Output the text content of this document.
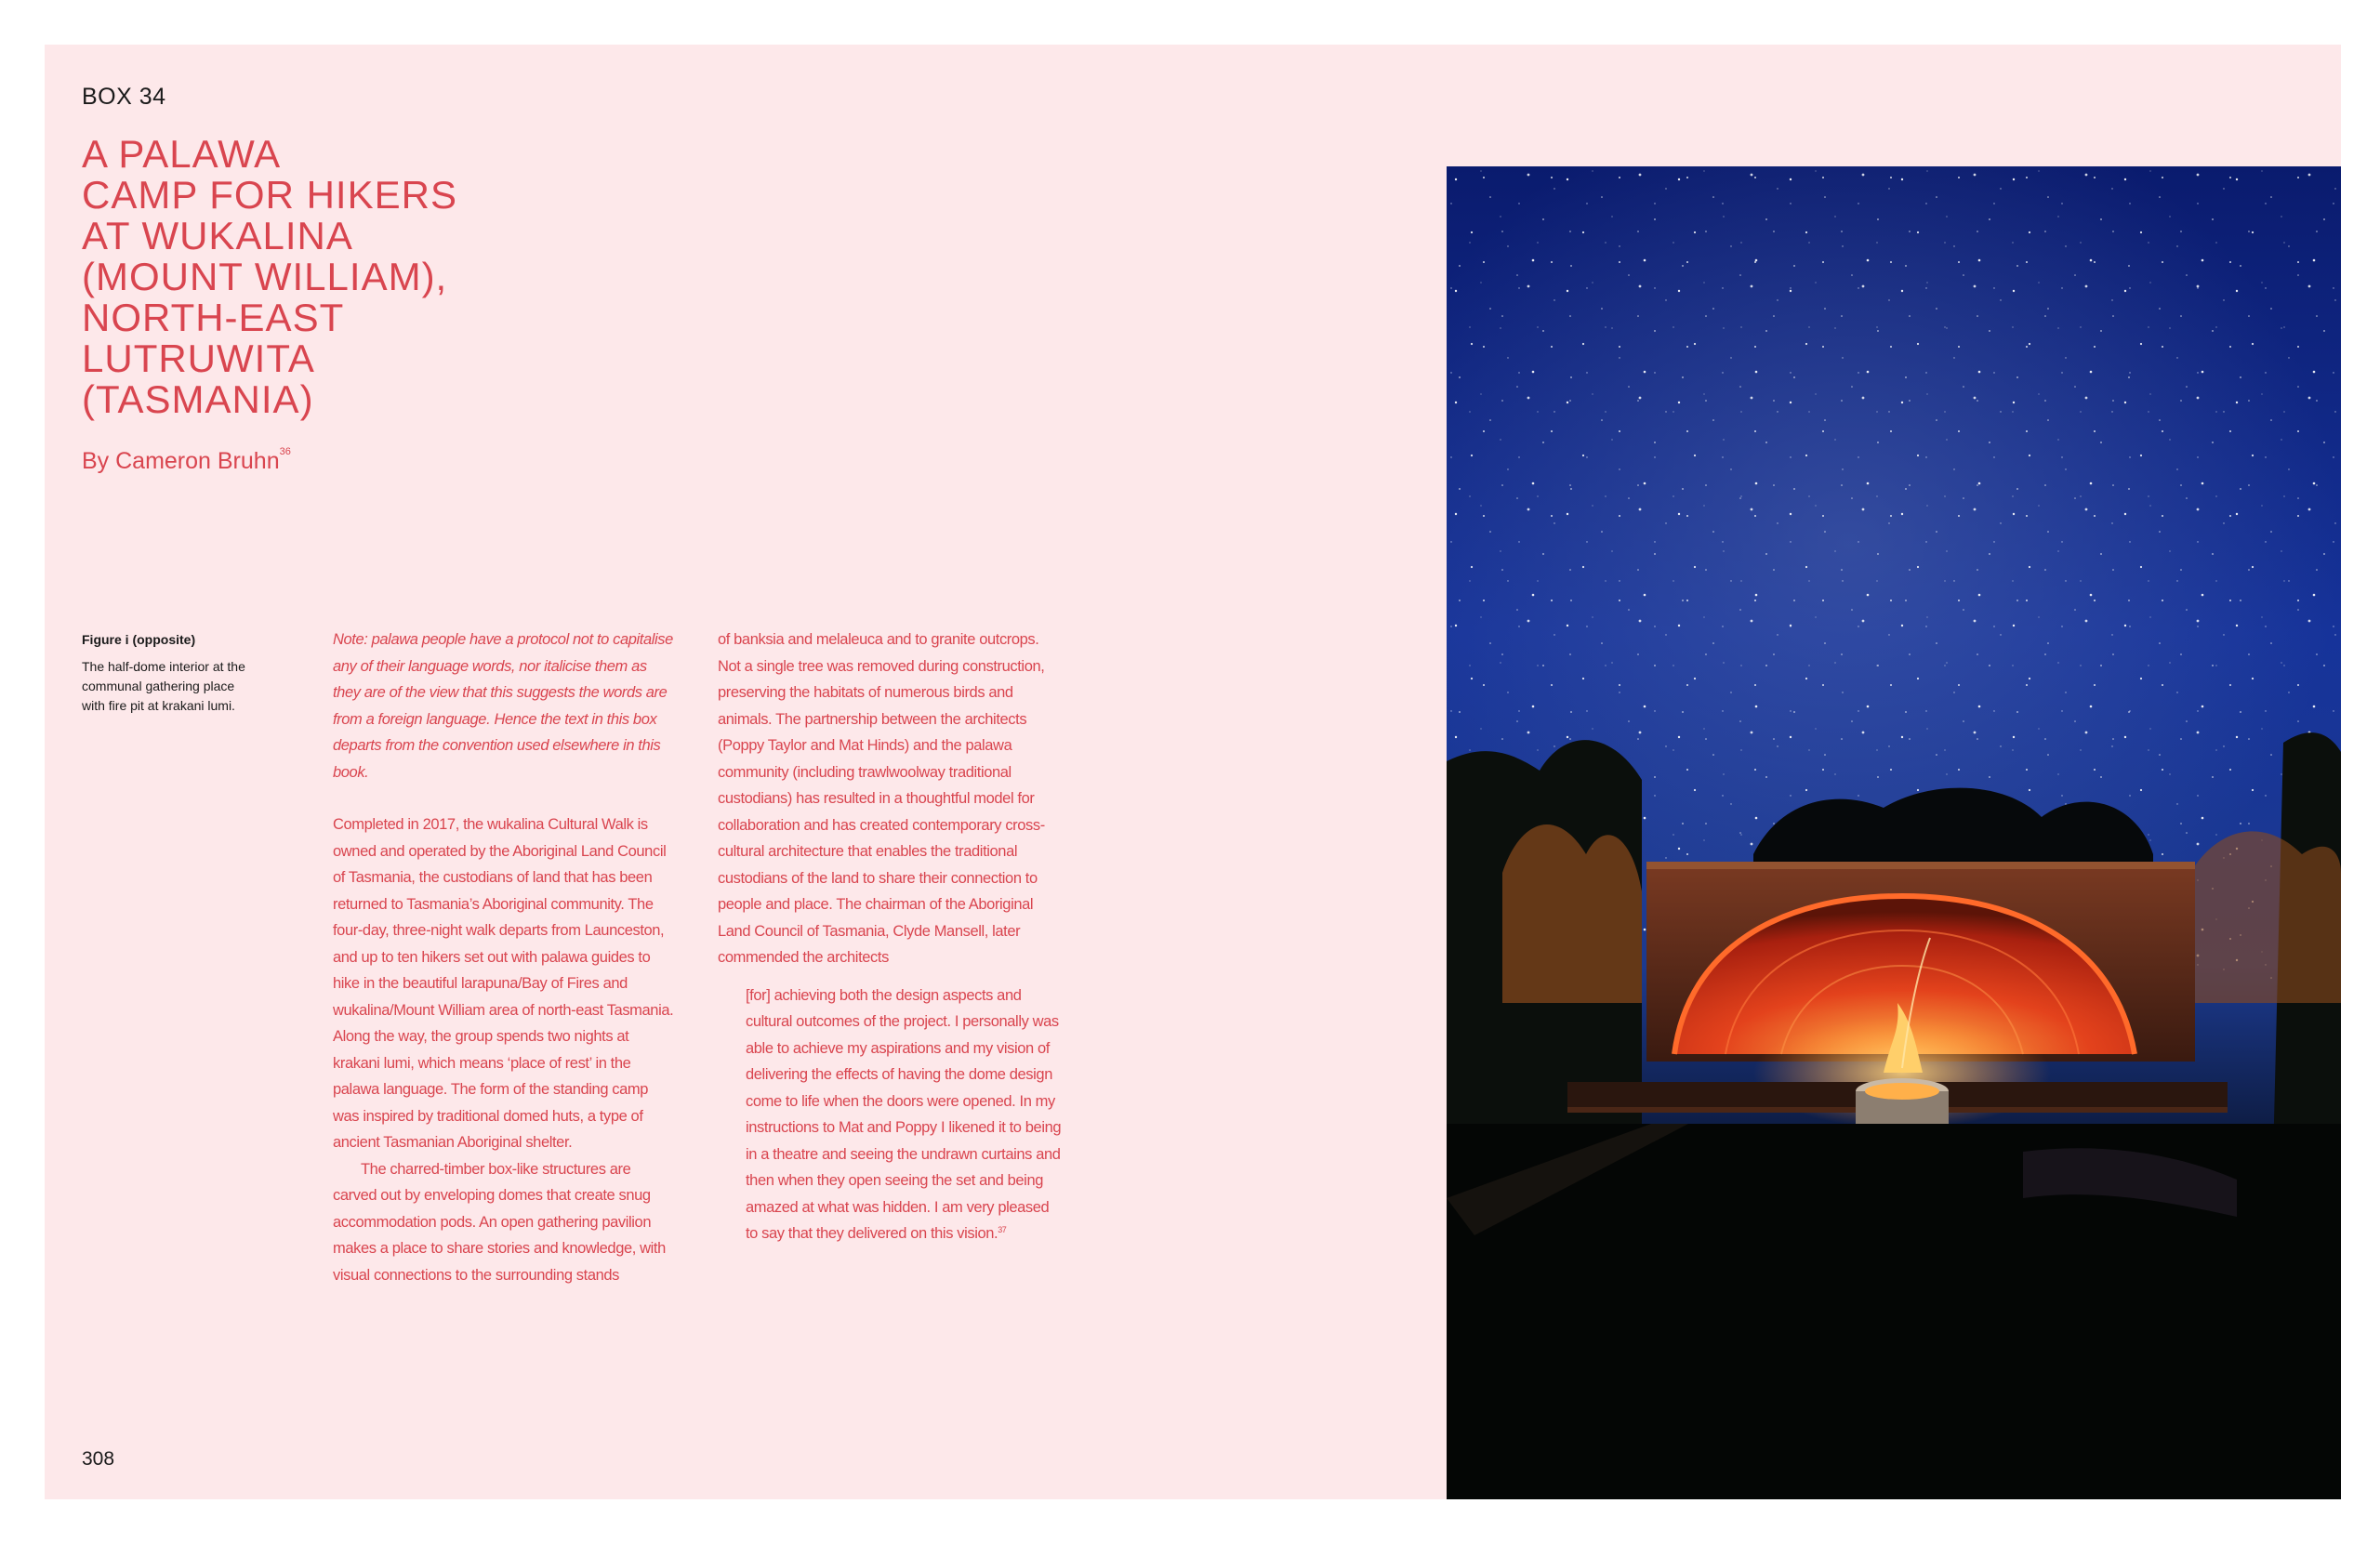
BOX 34
A PALAWA
CAMP FOR HIKERS
AT WUKALINA
(MOUNT WILLIAM),
NORTH-EAST
LUTRUWITA
(TASMANIA)
By Cameron Bruhn$^{36}$
Figure i (opposite)
The half-dome interior at the communal gathering place with fire pit at krakani lumi.

Note: palawa people have a protocol not to capitalise any of their language words, nor italicise them as they are of the view that this suggests the words are from a foreign language. Hence the text in this box departs from the convention used elsewhere in this book.

Completed in 2017, the wukalina Cultural Walk is owned and operated by the Aboriginal Land Council of Tasmania, the custodians of land that has been returned to Tasmania’s Aboriginal community. The four-day, three-night walk departs from Launceston, and up to ten hikers set out with palawa guides to hike in the beautiful larapuna/Bay of Fires and wukalina/Mount William area of north-east Tasmania. Along the way, the group spends two nights at krakani lumi, which means ‘place of rest’ in the palawa language. The form of the standing camp was inspired by traditional domed huts, a type of ancient Tasmanian Aboriginal shelter.

The charred-timber box-like structures are carved out by enveloping domes that create snug accommodation pods. An open gathering pavilion makes a place to share stories and knowledge, with visual connections to the surrounding stands

of banksia and melaleuca and to granite outcrops. Not a single tree was removed during construction, preserving the habitats of numerous birds and animals. The partnership between the architects (Poppy Taylor and Mat Hinds) and the palawa community (including trawlwoolway traditional custodians) has resulted in a thoughtful model for collaboration and has created contemporary cross-cultural architecture that enables the traditional custodians of the land to share their connection to people and place. The chairman of the Aboriginal Land Council of Tasmania, Clyde Mansell, later commended the architects

[for] achieving both the design aspects and cultural outcomes of the project. I personally was able to achieve my aspirations and my vision of delivering the effects of having the dome design come to life when the doors were opened. In my instructions to Mat and Poppy I likened it to being in a theatre and seeing the undrawn curtains and then when they open seeing the set and being amazed at what was hidden. I am very pleased to say that they delivered on this vision.$^{37}$

308
